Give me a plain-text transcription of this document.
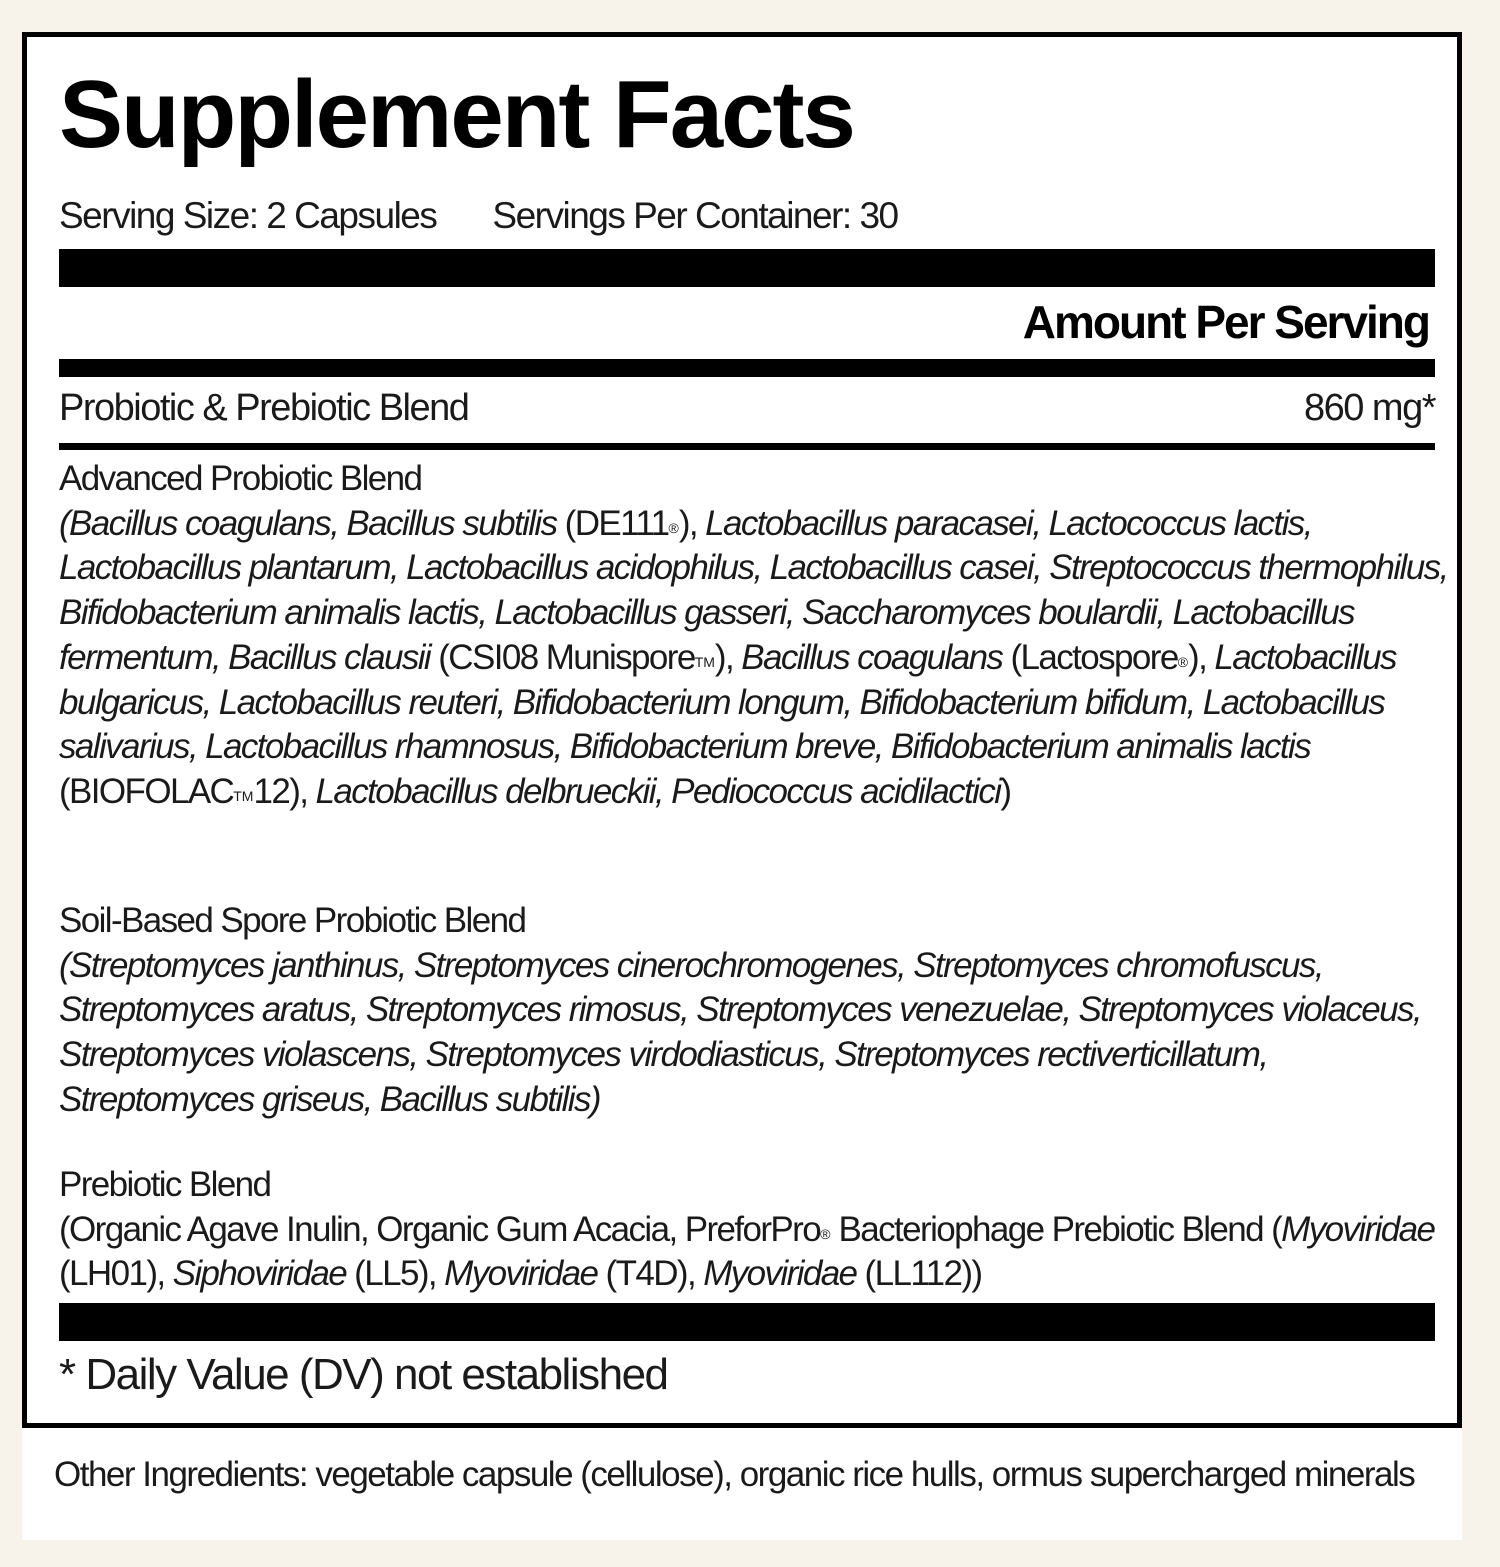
Supplement Facts
Serving Size: 2 Capsules Servings Per Container: 30
Amount Per Serving
Probiotic & Prebiotic Blend	860 mg*
Advanced Probiotic Blend
(Bacillus coagulans, Bacillus subtilis (DE111®), Lactobacillus paracasei, Lactococcus lactis, Lactobacillus plantarum, Lactobacillus acidophilus, Lactobacillus casei, Streptococcus thermophilus, Bifidobacterium animalis lactis, Lactobacillus gasseri, Saccharomyces boulardii, Lactobacillus fermentum, Bacillus clausii (CSI08 Munispore™), Bacillus coagulans (Lactospore®), Lactobacillus bulgaricus, Lactobacillus reuteri, Bifidobacterium longum, Bifidobacterium bifidum, Lactobacillus salivarius, Lactobacillus rhamnosus, Bifidobacterium breve, Bifidobacterium animalis lactis (BIOFOLAC™12), Lactobacillus delbrueckii, Pediococcus acidilactici)
Soil-Based Spore Probiotic Blend
(Streptomyces janthinus, Streptomyces cinerochromogenes, Streptomyces chromofuscus, Streptomyces aratus, Streptomyces rimosus, Streptomyces venezuelae, Streptomyces violaceus, Streptomyces violascens, Streptomyces virdodiasticus, Streptomyces rectiverticillatum, Streptomyces griseus, Bacillus subtilis)
Prebiotic Blend
(Organic Agave Inulin, Organic Gum Acacia, PreforPro® Bacteriophage Prebiotic Blend (Myoviridae (LH01), Siphoviridae (LL5), Myoviridae (T4D), Myoviridae (LL112))
* Daily Value (DV) not established
Other Ingredients: vegetable capsule (cellulose), organic rice hulls, ormus supercharged minerals
